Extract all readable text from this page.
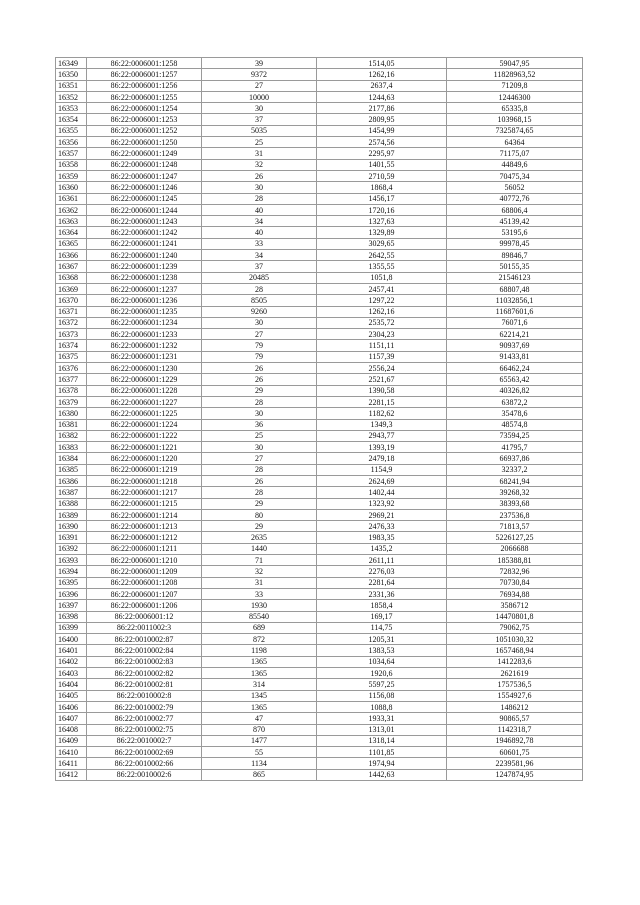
16349	86:22:0006001:1258	39	1514,05	59047,95
16350	86:22:0006001:1257	9372	1262,16	11828963,52
16351	86:22:0006001:1256	27	2637,4	71209,8
16352	86:22:0006001:1255	10000	1244,63	12446300
16353	86:22:0006001:1254	30	2177,86	65335,8
16354	86:22:0006001:1253	37	2809,95	103968,15
16355	86:22:0006001:1252	5035	1454,99	7325874,65
16356	86:22:0006001:1250	25	2574,56	64364
16357	86:22:0006001:1249	31	2295,97	71175,07
16358	86:22:0006001:1248	32	1401,55	44849,6
16359	86:22:0006001:1247	26	2710,59	70475,34
16360	86:22:0006001:1246	30	1868,4	56052
16361	86:22:0006001:1245	28	1456,17	40772,76
16362	86:22:0006001:1244	40	1720,16	68806,4
16363	86:22:0006001:1243	34	1327,63	45139,42
16364	86:22:0006001:1242	40	1329,89	53195,6
16365	86:22:0006001:1241	33	3029,65	99978,45
16366	86:22:0006001:1240	34	2642,55	89846,7
16367	86:22:0006001:1239	37	1355,55	50155,35
16368	86:22:0006001:1238	20485	1051,8	21546123
16369	86:22:0006001:1237	28	2457,41	68807,48
16370	86:22:0006001:1236	8505	1297,22	11032856,1
16371	86:22:0006001:1235	9260	1262,16	11687601,6
16372	86:22:0006001:1234	30	2535,72	76071,6
16373	86:22:0006001:1233	27	2304,23	62214,21
16374	86:22:0006001:1232	79	1151,11	90937,69
16375	86:22:0006001:1231	79	1157,39	91433,81
16376	86:22:0006001:1230	26	2556,24	66462,24
16377	86:22:0006001:1229	26	2521,67	65563,42
16378	86:22:0006001:1228	29	1390,58	40326,82
16379	86:22:0006001:1227	28	2281,15	63872,2
16380	86:22:0006001:1225	30	1182,62	35478,6
16381	86:22:0006001:1224	36	1349,3	48574,8
16382	86:22:0006001:1222	25	2943,77	73594,25
16383	86:22:0006001:1221	30	1393,19	41795,7
16384	86:22:0006001:1220	27	2479,18	66937,86
16385	86:22:0006001:1219	28	1154,9	32337,2
16386	86:22:0006001:1218	26	2624,69	68241,94
16387	86:22:0006001:1217	28	1402,44	39268,32
16388	86:22:0006001:1215	29	1323,92	38393,68
16389	86:22:0006001:1214	80	2969,21	237536,8
16390	86:22:0006001:1213	29	2476,33	71813,57
16391	86:22:0006001:1212	2635	1983,35	5226127,25
16392	86:22:0006001:1211	1440	1435,2	2066688
16393	86:22:0006001:1210	71	2611,11	185388,81
16394	86:22:0006001:1209	32	2276,03	72832,96
16395	86:22:0006001:1208	31	2281,64	70730,84
16396	86:22:0006001:1207	33	2331,36	76934,88
16397	86:22:0006001:1206	1930	1858,4	3586712
16398	86:22:0006001:12	85540	169,17	14470801,8
16399	86:22:0011002:3	689	114,75	79062,75
16400	86:22:0010002:87	872	1205,31	1051030,32
16401	86:22:0010002:84	1198	1383,53	1657468,94
16402	86:22:0010002:83	1365	1034,64	1412283,6
16403	86:22:0010002:82	1365	1920,6	2621619
16404	86:22:0010002:81	314	5597,25	1757536,5
16405	86:22:0010002:8	1345	1156,08	1554927,6
16406	86:22:0010002:79	1365	1088,8	1486212
16407	86:22:0010002:77	47	1933,31	90865,57
16408	86:22:0010002:75	870	1313,01	1142318,7
16409	86:22:0010002:7	1477	1318,14	1946892,78
16410	86:22:0010002:69	55	1101,85	60601,75
16411	86:22:0010002:66	1134	1974,94	2239581,96
16412	86:22:0010002:6	865	1442,63	1247874,95
